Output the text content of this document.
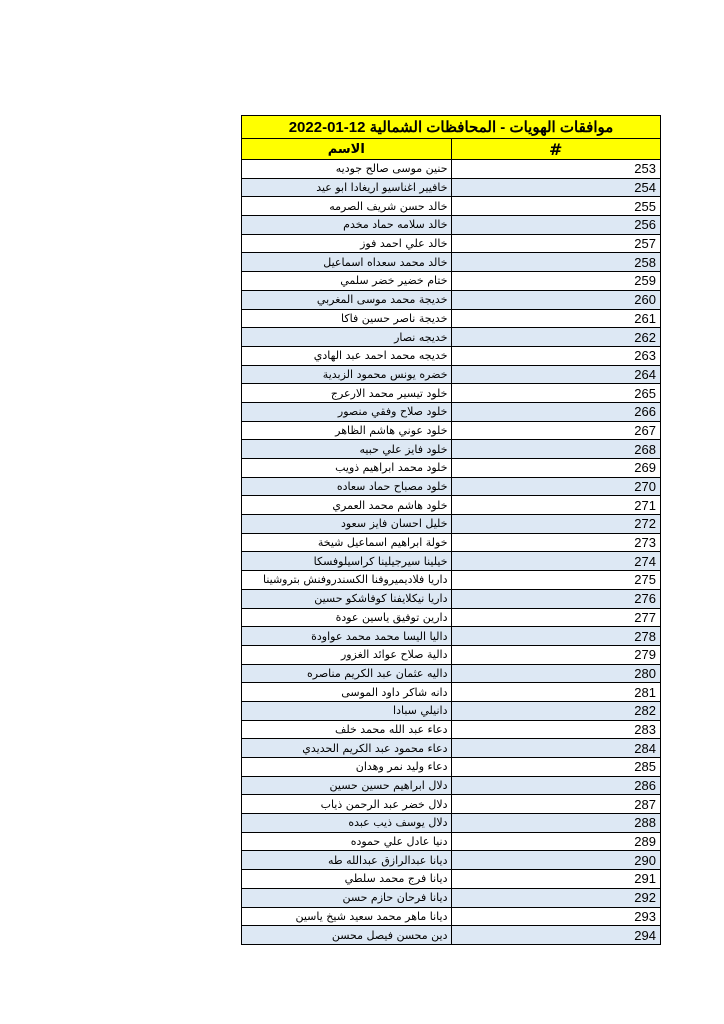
موافقات الهويات - المحافظات الشمالية 12-01-2022	
#	الاسم
253	حنين موسى صالح جوديه
254	خافيير اغناسيو اريغادا ابو عيد
255	خالد حسن شريف الصرمه
256	خالد سلامه حماد مخدم
257	خالد علي احمد فوز
258	خالد محمد سعداه اسماعيل
259	ختام خضير خضر سلمي
260	خديجة محمد موسى المغربي
261	خديجة ناصر حسين فاكا
262	خديجه نصار
263	خديجه محمد احمد عبد الهادي
264	خضره يونس محمود الزبدية
265	خلود تيسير محمد الارعرج
266	خلود صلاح وفقي منصور
267	خلود عوني هاشم الظاهر
268	خلود فايز علي حبيه
269	خلود محمد ابراهيم ذويب
270	خلود مصباح حماد سعاده
271	خلود هاشم محمد العمري
272	خليل احسان فايز سعود
273	خولة ابراهيم اسماعيل شيخة
274	خيلينا سيرجيلينا كراسيلوفسكا
275	داريا فلاديميروفنا الكسندروفنش بتروشينا
276	داريا نيكلايفنا كوفاشكو حسين
277	دارين توفيق ياسين عودة
278	داليا اليسا محمد محمد عواودة
279	دالية صلاح عوائد الغزور
280	داليه عثمان عبد الكريم مناصره
281	دانه شاكر داود الموسى
282	دانيلي سبادا
283	دعاء عبد الله محمد خلف
284	دعاء محمود عبد الكريم الحديدي
285	دعاء وليد نمر وهدان
286	دلال ابراهيم حسين حسين
287	دلال خضر عبد الرحمن ذياب
288	دلال يوسف ذيب عبده
289	دنيا عادل علي حموده
290	ديانا عبدالرازق عبدالله طه
291	ديانا فرج محمد سلطي
292	ديانا فرحان حازم حسن
293	ديانا ماهر محمد سعيد شيخ ياسين
294	دين محسن فيصل محسن
